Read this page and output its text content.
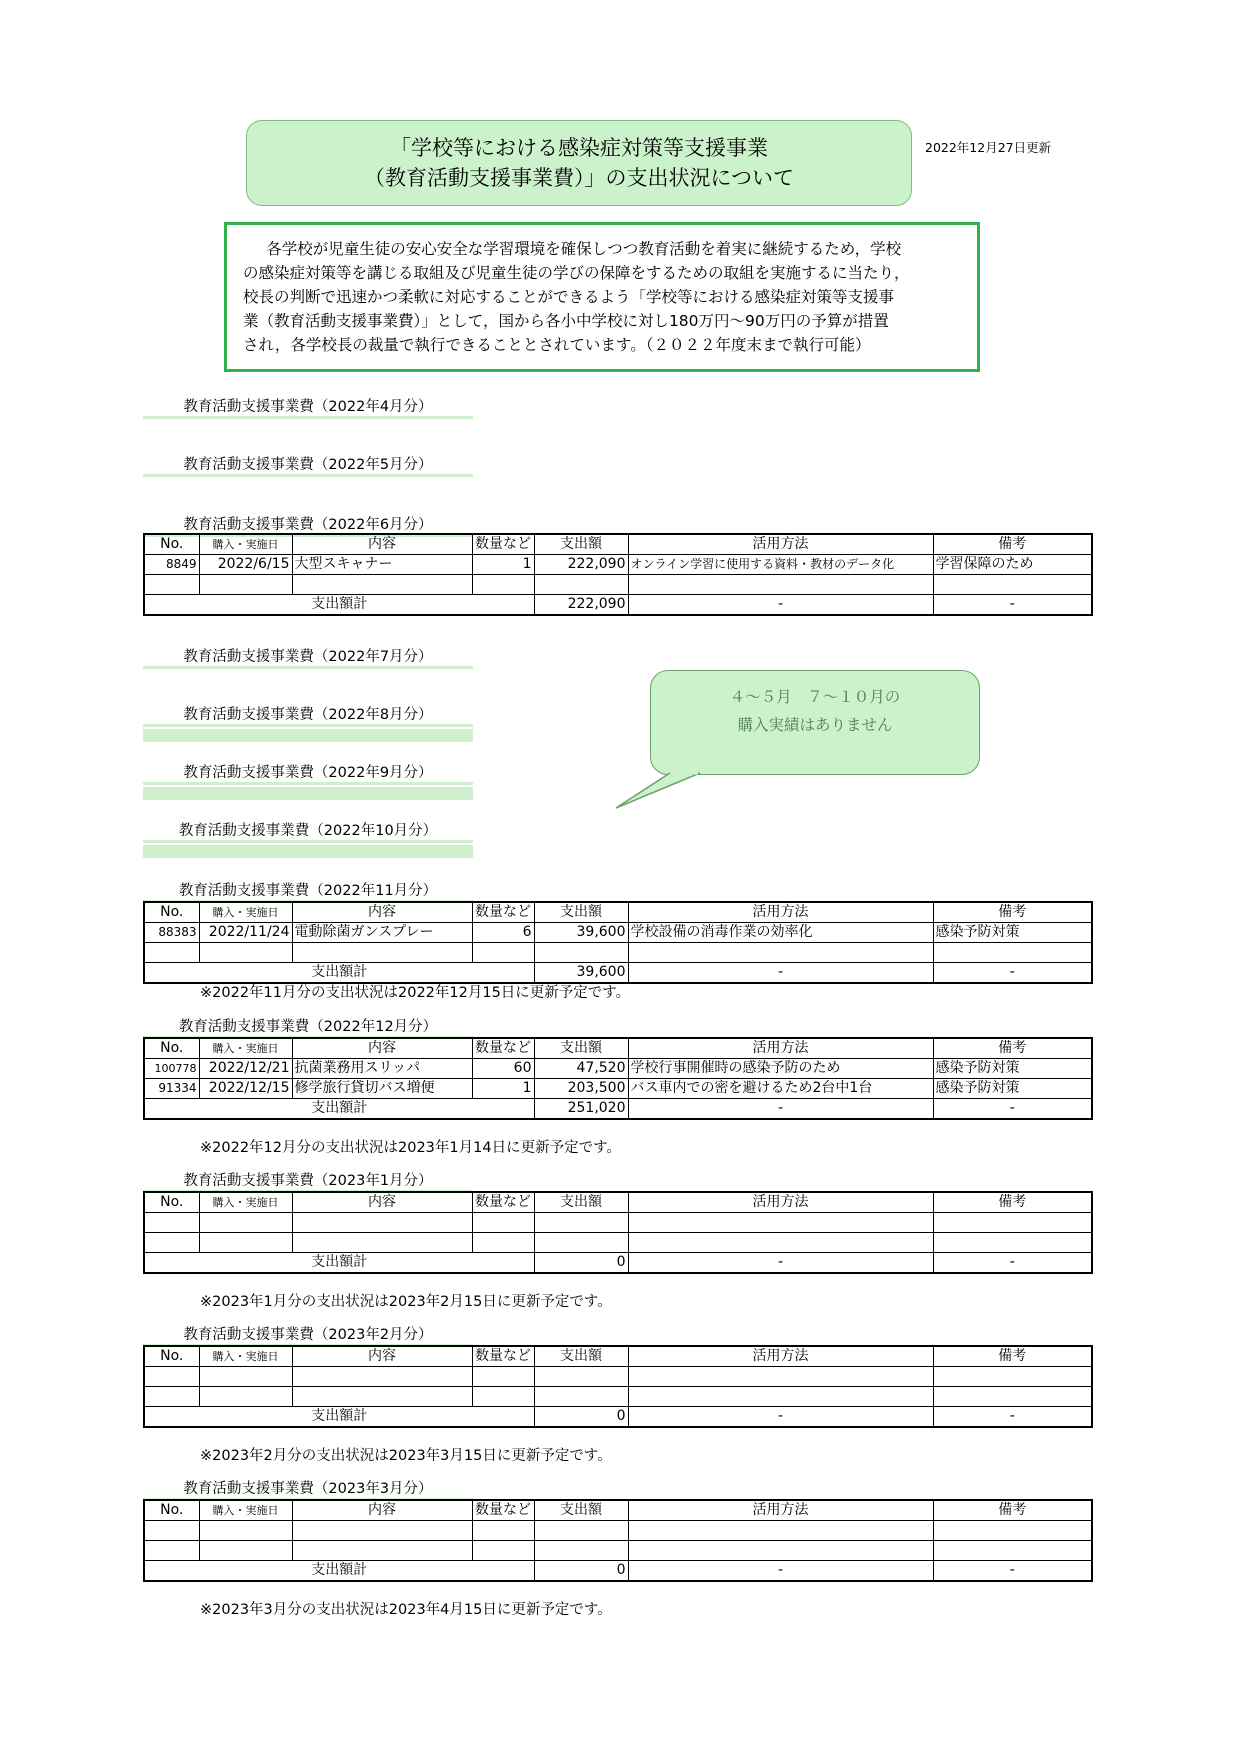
「学校等における感染症対策等支援事業
（教育活動支援事業費）」の支出状況について
2022年12月27日更新
各学校が児童生徒の安心安全な学習環境を確保しつつ教育活動を着実に継続するため，学校
の感染症対策等を講じる取組及び児童生徒の学びの保障をするための取組を実施するに当たり，
校長の判断で迅速かつ柔軟に対応することができるよう「学校等における感染症対策等支援事
業（教育活動支援事業費）」として，国から各小中学校に対し180万円～90万円の予算が措置
され，各学校長の裁量で執行できることとされています。（２０２２年度末まで執行可能）
教育活動支援事業費（2022年4月分）
教育活動支援事業費（2022年5月分）
教育活動支援事業費（2022年6月分）
No.	購入・実施日	内容	数量など	支出額	活用方法	備考
8849	2022/6/15	大型スキャナー	1	222,090	オンライン学習に使用する資料・教材のデータ化	学習保障のため

支出額計				222,090	-	-
教育活動支援事業費（2022年7月分）
教育活動支援事業費（2022年8月分）
教育活動支援事業費（2022年9月分）
教育活動支援事業費（2022年10月分）
４～５月　７～１０月の
購入実績はありません
教育活動支援事業費（2022年11月分）
No.	購入・実施日	内容	数量など	支出額	活用方法	備考
88383	2022/11/24	電動除菌ガンスプレー	6	39,600	学校設備の消毒作業の効率化	感染予防対策

支出額計				39,600	-	-
※2022年11月分の支出状況は2022年12月15日に更新予定です。
教育活動支援事業費（2022年12月分）
No.	購入・実施日	内容	数量など	支出額	活用方法	備考
100778	2022/12/21	抗菌業務用スリッパ	60	47,520	学校行事開催時の感染予防のため	感染予防対策
91334	2022/12/15	修学旅行貸切バス増便	1	203,500	バス車内での密を避けるため2台中1台	感染予防対策
支出額計				251,020	-	-
※2022年12月分の支出状況は2023年1月14日に更新予定です。
教育活動支援事業費（2023年1月分）
No.	購入・実施日	内容	数量など	支出額	活用方法	備考

支出額計				0	-	-
※2023年1月分の支出状況は2023年2月15日に更新予定です。
教育活動支援事業費（2023年2月分）
No.	購入・実施日	内容	数量など	支出額	活用方法	備考

支出額計				0	-	-
※2023年2月分の支出状況は2023年3月15日に更新予定です。
教育活動支援事業費（2023年3月分）
No.	購入・実施日	内容	数量など	支出額	活用方法	備考

支出額計				0	-	-
※2023年3月分の支出状況は2023年4月15日に更新予定です。
